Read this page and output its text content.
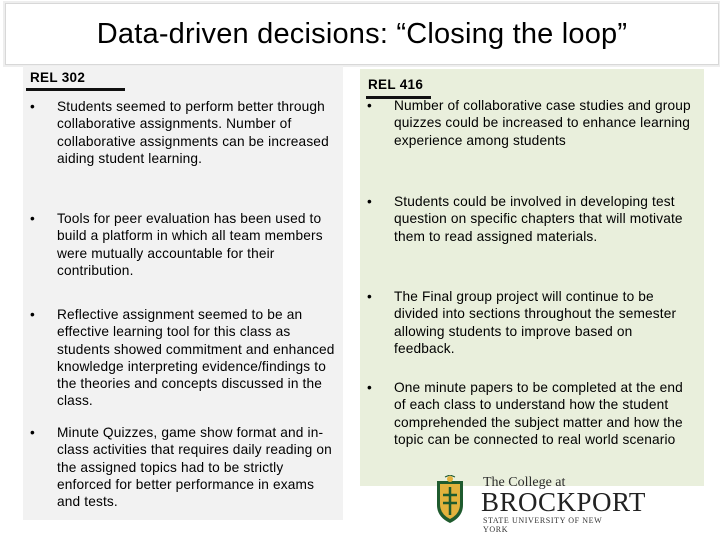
Data-driven decisions: “Closing the loop”
REL 302
• Students seemed to perform better through collaborative assignments. Number of collaborative assignments can be increased aiding student learning.
• Tools for peer evaluation has been used to build a platform in which all team members were mutually accountable for their contribution.
• Reflective assignment seemed to be an effective learning tool for this class as students showed commitment and enhanced knowledge interpreting evidence/findings to the theories and concepts discussed in the class.
• Minute Quizzes, game show format and in-class activities that requires daily reading on the assigned topics had to be strictly enforced for better performance in exams and tests.
REL 416
• Number of collaborative case studies and group quizzes could be increased to enhance learning experience among students
• Students could be involved in developing test question on specific chapters that will motivate them to read assigned materials.
• The Final group project will continue to be divided into sections throughout the semester allowing students to improve based on feedback.
• One minute papers to be completed at the end of each class to understand how the student comprehended the subject matter and how the topic can be connected to real world scenario
The College at
BROCKPORT
STATE UNIVERSITY OF NEW YORK
